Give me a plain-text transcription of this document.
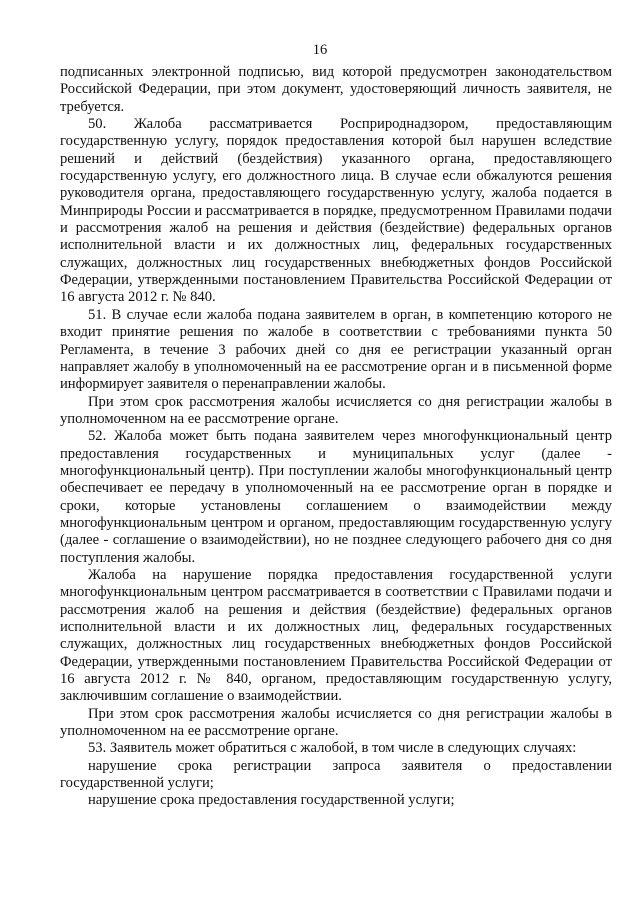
16

подписанных электронной подписью, вид которой предусмотрен законодательством Российской Федерации, при этом документ, удостоверяющий личность заявителя, не требуется.

50. Жалоба рассматривается Росприроднадзором, предоставляющим государственную услугу, порядок предоставления которой был нарушен вследствие решений и действий (бездействия) указанного органа, предоставляющего государственную услугу, его должностного лица. В случае если обжалуются решения руководителя органа, предоставляющего государственную услугу, жалоба подается в Минприроды России и рассматривается в порядке, предусмотренном Правилами подачи и рассмотрения жалоб на решения и действия (бездействие) федеральных органов исполнительной власти и их должностных лиц, федеральных государственных служащих, должностных лиц государственных внебюджетных фондов Российской Федерации, утвержденными постановлением Правительства Российской Федерации от 16 августа 2012 г. № 840.

51. В случае если жалоба подана заявителем в орган, в компетенцию которого не входит принятие решения по жалобе в соответствии с требованиями пункта 50 Регламента, в течение 3 рабочих дней со дня ее регистрации указанный орган направляет жалобу в уполномоченный на ее рассмотрение орган и в письменной форме информирует заявителя о перенаправлении жалобы.

При этом срок рассмотрения жалобы исчисляется со дня регистрации жалобы в уполномоченном на ее рассмотрение органе.

52. Жалоба может быть подана заявителем через многофункциональный центр предоставления государственных и муниципальных услуг (далее - многофункциональный центр). При поступлении жалобы многофункциональный центр обеспечивает ее передачу в уполномоченный на ее рассмотрение орган в порядке и сроки, которые установлены соглашением о взаимодействии между многофункциональным центром и органом, предоставляющим государственную услугу (далее - соглашение о взаимодействии), но не позднее следующего рабочего дня со дня поступления жалобы.

Жалоба на нарушение порядка предоставления государственной услуги многофункциональным центром рассматривается в соответствии с Правилами подачи и рассмотрения жалоб на решения и действия (бездействие) федеральных органов исполнительной власти и их должностных лиц, федеральных государственных служащих, должностных лиц государственных внебюджетных фондов Российской Федерации, утвержденными постановлением Правительства Российской Федерации от 16 августа 2012 г. № 840, органом, предоставляющим государственную услугу, заключившим соглашение о взаимодействии.

При этом срок рассмотрения жалобы исчисляется со дня регистрации жалобы в уполномоченном на ее рассмотрение органе.

53. Заявитель может обратиться с жалобой, в том числе в следующих случаях:

нарушение срока регистрации запроса заявителя о предоставлении государственной услуги;

нарушение срока предоставления государственной услуги;
